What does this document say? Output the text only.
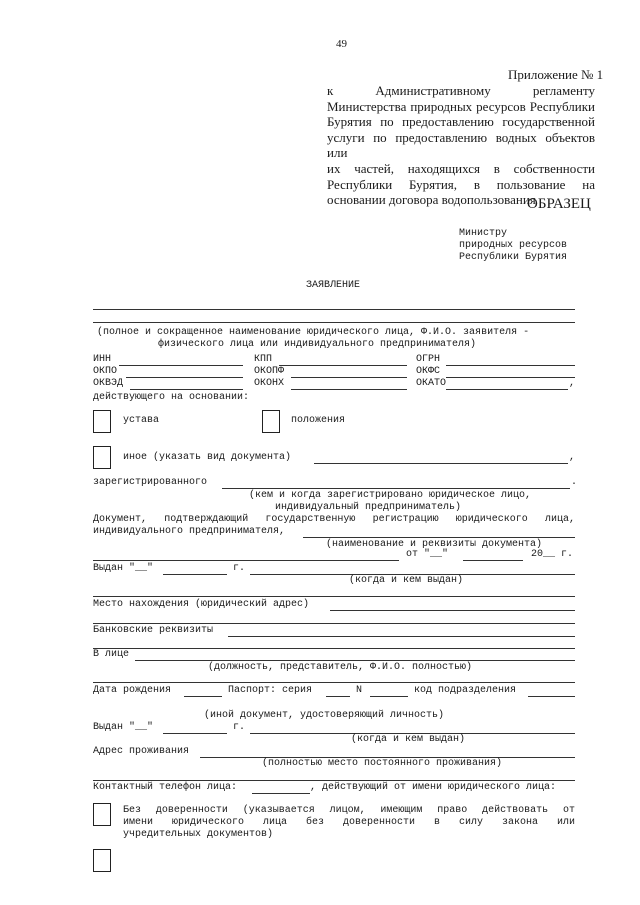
49
Приложение № 1
к Административному регламенту
Министерства природных ресурсов Республики
Бурятия по предоставлению государственной
услуги по предоставлению водных объектов или
их частей, находящихся в собственности
Республики Бурятия, в пользование на
основании договора водопользования
ОБРАЗЕЦ
Министру
природных ресурсов
Республики Бурятия
ЗАЯВЛЕНИЕ
(полное и сокращенное наименование юридического лица, Ф.И.О. заявителя -
физического лица или индивидуального предпринимателя)
ИНН	КПП	ОГРН
ОКПО	ОКОПФ	ОКФС
ОКВЭД	ОКОНХ	ОКАТО	,
действующего на основании:
устава	положения
иное (указать вид документа)	,
зарегистрированного	.
(кем и когда зарегистрировано юридическое лицо,
индивидуальный предприниматель)
Документ, подтверждающий государственную регистрацию юридического лица,
индивидуального предпринимателя,
(наименование и реквизиты документа)
от "__"	20__ г.
Выдан "__"	г.
(когда и кем выдан)
Место нахождения (юридический адрес)
Банковские реквизиты
В лице
(должность, представитель, Ф.И.О. полностью)
Дата рождения	Паспорт: серия	N	код подразделения
(иной документ, удостоверяющий личность)
Выдан "__"	г.
(когда и кем выдан)
Адрес проживания
(полностью место постоянного проживания)
Контактный телефон лица:	, действующий от имени юридического лица:
Без доверенности (указывается лицом, имеющим право действовать от
имени юридического лица без доверенности в силу закона или
учредительных документов)
